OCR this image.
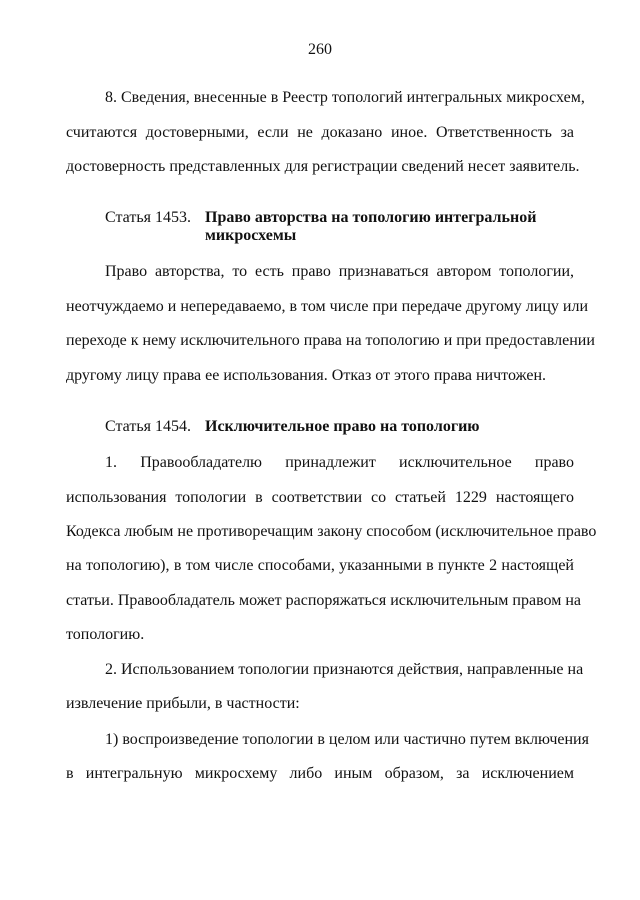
260
8. Сведения, внесенные в Реестр топологий интегральных микросхем,
считаются достоверными, если не доказано иное. Ответственность за
достоверность представленных для регистрации сведений несет заявитель.
Статья 1453. Право авторства на топологию интегральной
микросхемы
Право авторства, то есть право признаваться автором топологии,
неотчуждаемо и непередаваемо, в том числе при передаче другому лицу или
переходе к нему исключительного права на топологию и при предоставлении
другому лицу права ее использования. Отказ от этого права ничтожен.
Статья 1454. Исключительное право на топологию
1. Правообладателю принадлежит исключительное право
использования топологии в соответствии со статьей 1229 настоящего
Кодекса любым не противоречащим закону способом (исключительное право
на топологию), в том числе способами, указанными в пункте 2 настоящей
статьи. Правообладатель может распоряжаться исключительным правом на
топологию.
2. Использованием топологии признаются действия, направленные на
извлечение прибыли, в частности:
1) воспроизведение топологии в целом или частично путем включения
в интегральную микросхему либо иным образом, за исключением
